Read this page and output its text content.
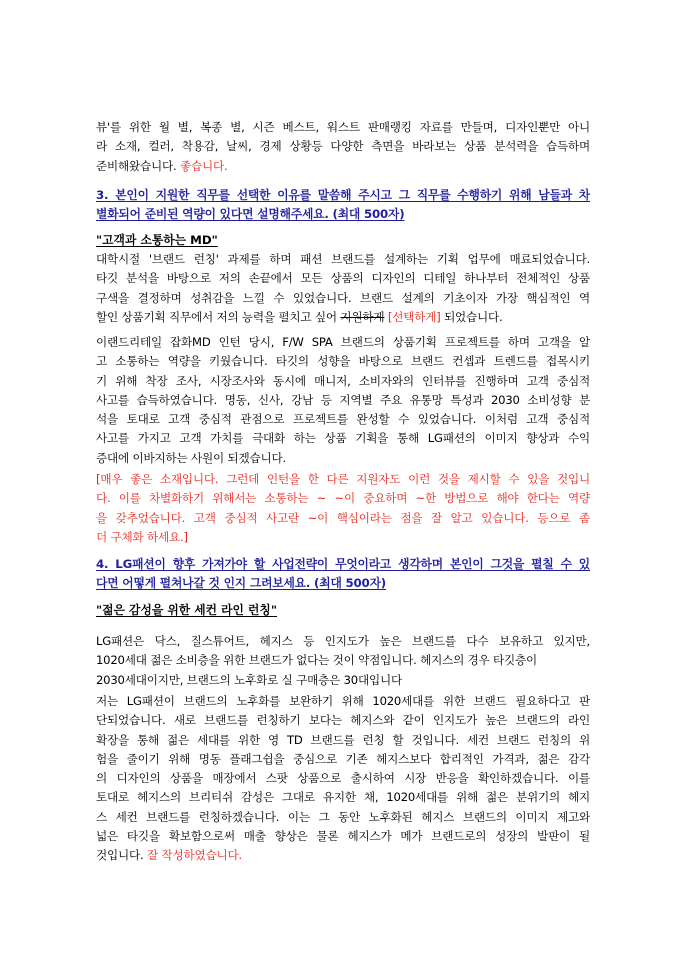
뷰'를 위한 월 별, 복종 별, 시즌 베스트, 워스트 판매랭킹 자료를 만들며, 디자인뿐만 아니
라 소재, 컬러, 착용감, 날씨, 경제 상황등 다양한 측면을 바라보는 상품 분석력을 습득하며
준비해왔습니다. 좋습니다.
3. 본인이 지원한 직무를 선택한 이유를 말씀해 주시고 그 직무를 수행하기 위해 남들과 차
별화되어 준비된 역량이 있다면 설명해주세요. (최대 500자)
"고객과 소통하는 MD"
대학시절 '브랜드 런칭' 과제를 하며 패션 브랜드를 설계하는 기획 업무에 매료되었습니다.
타깃 분석을 바탕으로 저의 손끝에서 모든 상품의 디자인의 디테일 하나부터 전체적인 상품
구색을 결정하며 성취감을 느낄 수 있었습니다. 브랜드 설계의 기초이자 가장 핵심적인 역
할인 상품기획 직무에서 저의 능력을 펼치고 싶어 지원하게 [선택하게] 되었습니다.
이랜드리테일 잡화MD 인턴 당시, F/W SPA 브랜드의 상품기획 프로젝트를 하며 고객을 알
고 소통하는 역량을 키웠습니다. 타깃의 성향을 바탕으로 브랜드 컨셉과 트렌드를 접목시키
기 위해 착장 조사, 시장조사와 동시에 매니저, 소비자와의 인터뷰를 진행하며 고객 중심적
사고를 습득하였습니다. 명동, 신사, 강남 등 지역별 주요 유통망 특성과 2030 소비성향 분
석을 토대로 고객 중심적 관점으로 프로젝트를 완성할 수 있었습니다. 이처럼 고객 중심적
사고를 가지고 고객 가치를 극대화 하는 상품 기획을 통해 LG패션의 이미지 향상과 수익
증대에 이바지하는 사원이 되겠습니다.
[매우 좋은 소재입니다. 그런데 인턴을 한 다른 지원자도 이런 것을 제시할 수 있을 것입니
다. 이를 차별화하기 위해서는 소통하는 ~ ~이 중요하며 ~한 방법으로 해야 한다는 역량
을 갖추었습니다. 고객 중심적 사고란 ~이 핵심이라는 점을 잘 알고 있습니다. 등으로 좀
더 구체화 하세요.]
4. LG패션이 향후 가져가야 할 사업전략이 무엇이라고 생각하며 본인이 그것을 펼칠 수 있
다면 어떻게 펼쳐나갈 것 인지 그려보세요. (최대 500자)
"젊은 감성을 위한 세컨 라인 런칭"
LG패션은 닥스, 질스튜어트, 헤지스 등 인지도가 높은 브랜드를 다수 보유하고 있지만,
1020세대 젊은 소비층을 위한 브랜드가 없다는 것이 약점입니다. 헤지스의 경우 타깃층이
2030세대이지만, 브랜드의 노후화로 실 구매층은 30대입니다
저는 LG패션이 브랜드의 노후화를 보완하기 위해 1020세대를 위한 브랜드 필요하다고 판
단되었습니다. 새로 브랜드를 런칭하기 보다는 헤지스와 같이 인지도가 높은 브랜드의 라인
확장을 통해 젊은 세대를 위한 영 TD 브랜드를 런칭 할 것입니다. 세컨 브랜드 런칭의 위
험을 줄이기 위해 명동 플래그쉽을 중심으로 기존 헤지스보다 합리적인 가격과, 젊은 감각
의 디자인의 상품을 매장에서 스팟 상품으로 출시하여 시장 반응을 확인하겠습니다. 이를
토대로 헤지스의 브리티쉬 감성은 그대로 유지한 채, 1020세대를 위해 젊은 분위기의 헤지
스 세컨 브랜드를 런칭하겠습니다. 이는 그 동안 노후화된 헤지스 브랜드의 이미지 제고와
넓은 타깃을 확보함으로써 매출 향상은 물론 헤지스가 메가 브랜드로의 성장의 발판이 될
것입니다. 잘 작성하였습니다.
